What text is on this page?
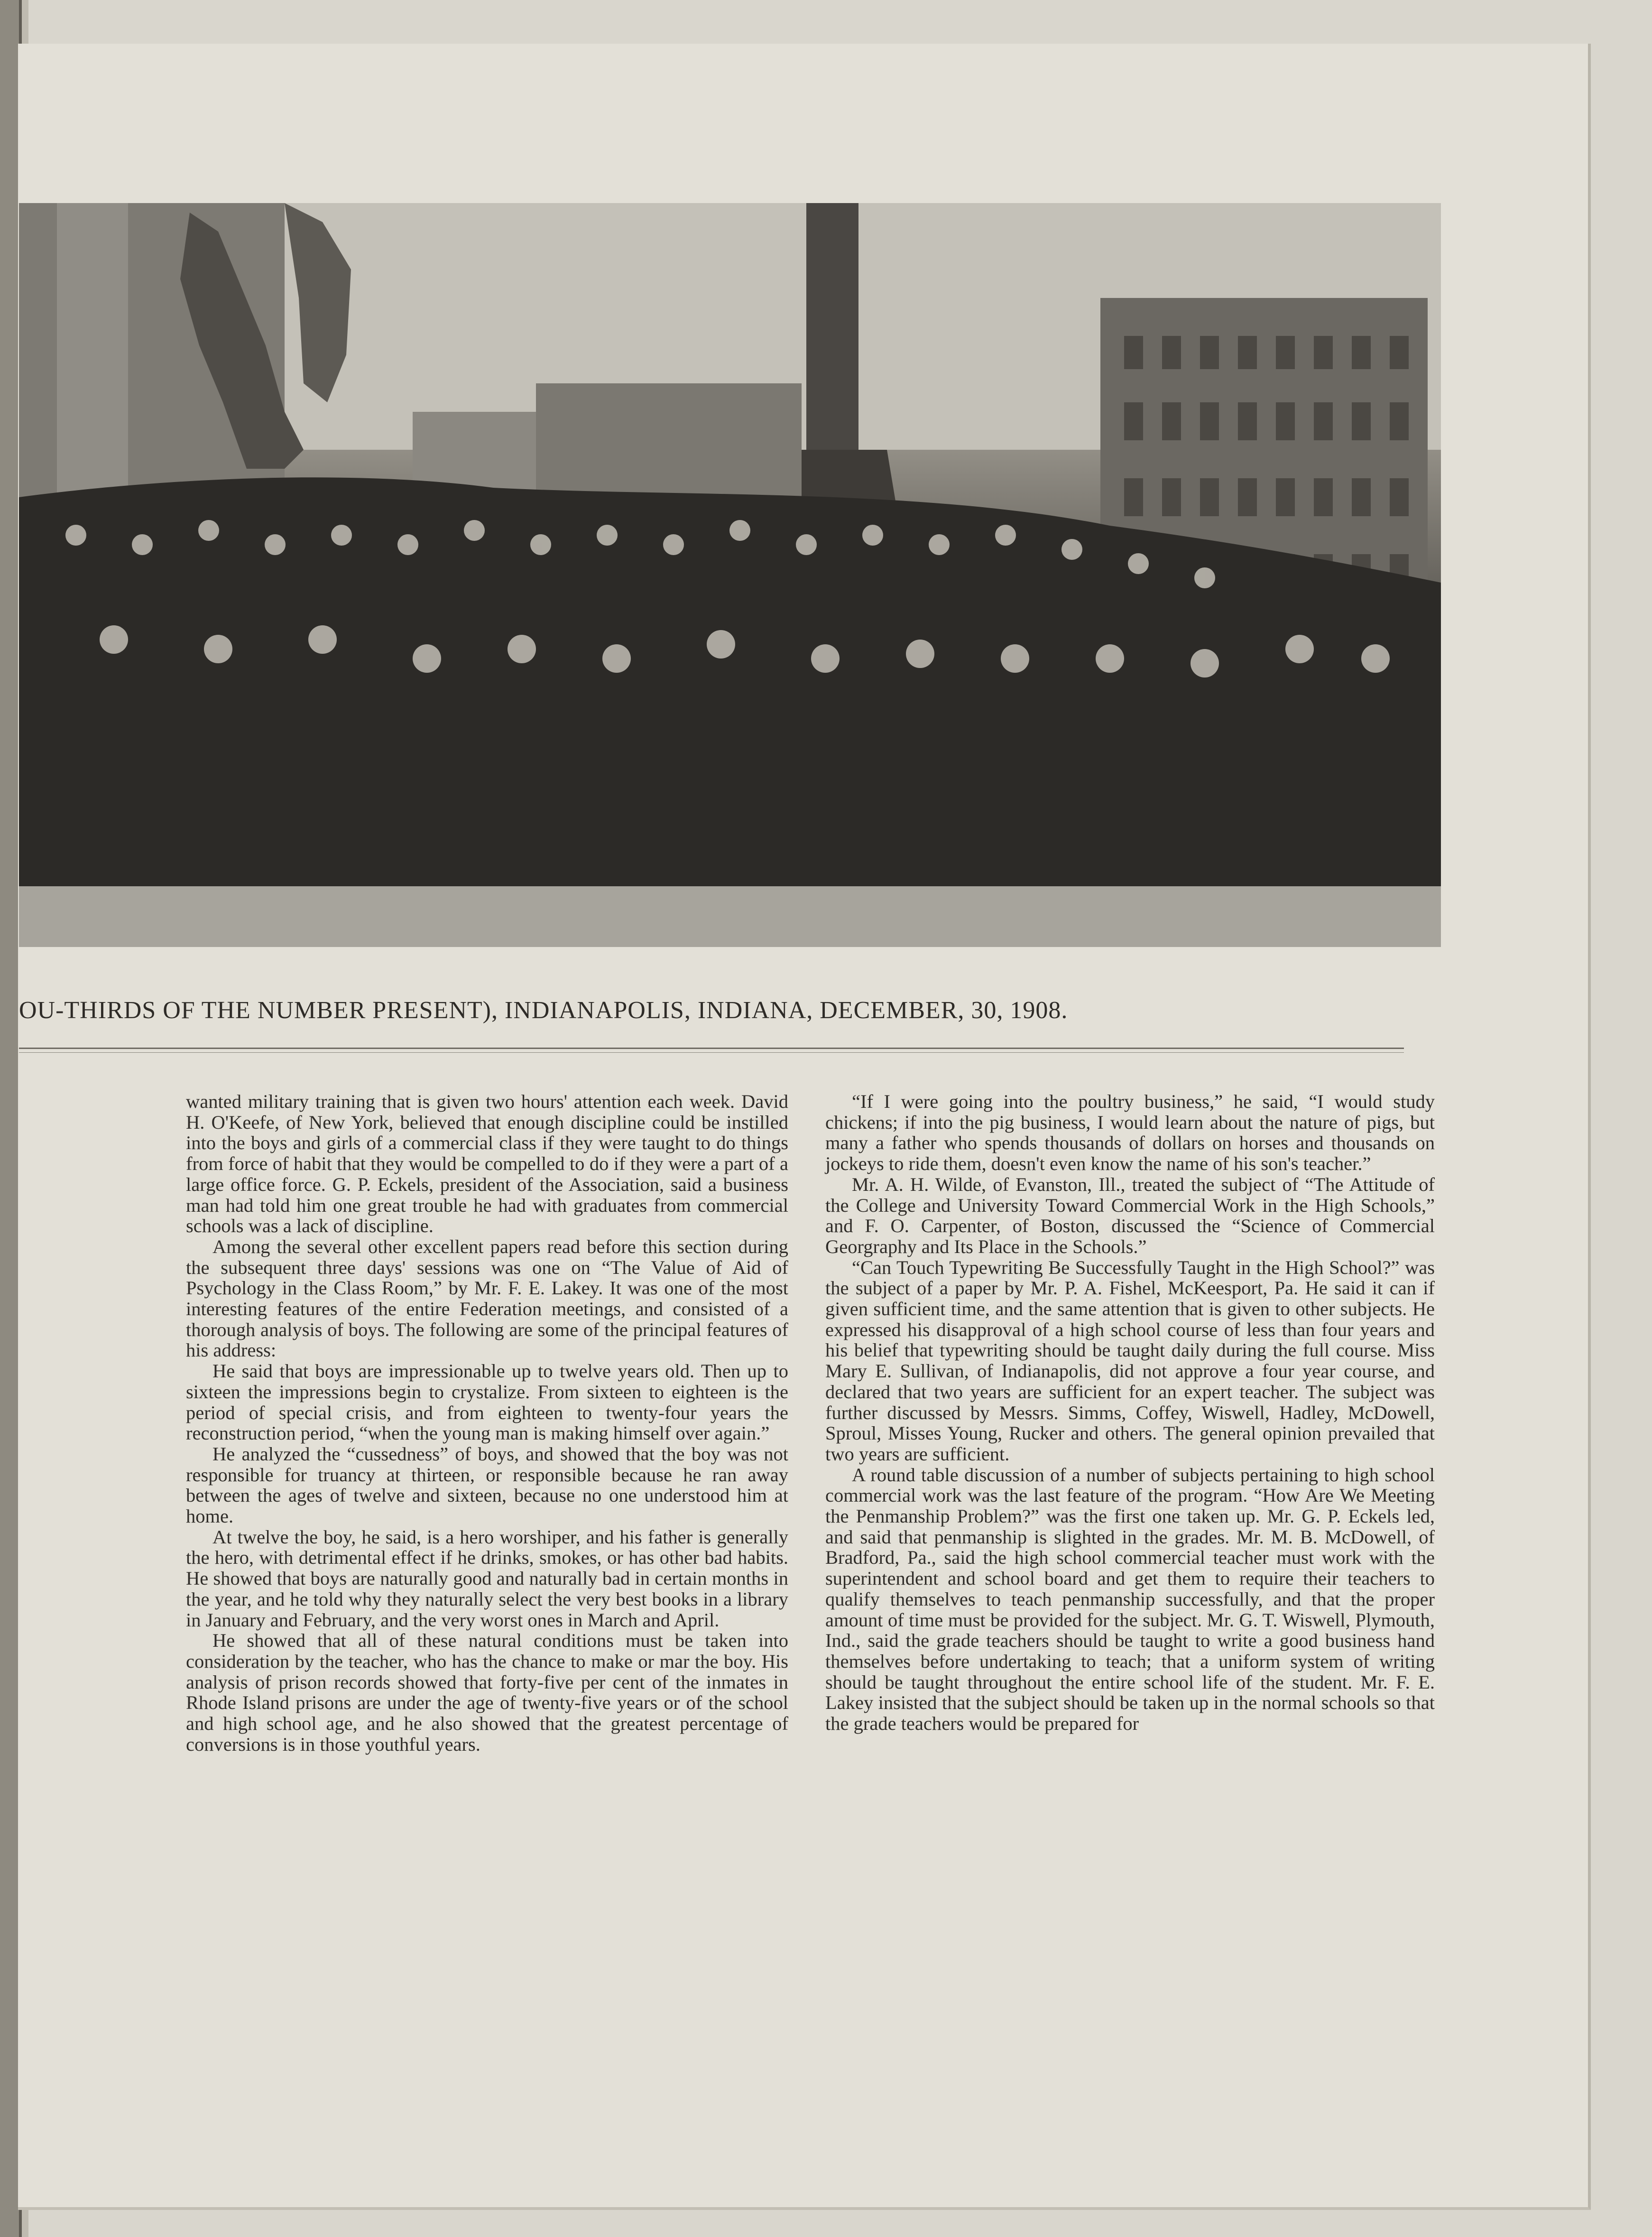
OU-THIRDS OF THE NUMBER PRESENT), INDIANAPOLIS, INDIANA, DECEMBER, 30, 1908.

wanted military training that is given two hours' attention each week. David H. O'Keefe, of New York, believed that enough discipline could be instilled into the boys and girls of a commercial class if they were taught to do things from force of habit that they would be compelled to do if they were a part of a large office force. G. P. Eckels, president of the Association, said a business man had told him one great trouble he had with graduates from commercial schools was a lack of discipline.

Among the several other excellent papers read before this section during the subsequent three days' sessions was one on “The Value of Aid of Psychology in the Class Room,” by Mr. F. E. Lakey. It was one of the most interesting features of the entire Federation meetings, and consisted of a thorough analysis of boys. The following are some of the principal features of his address:

He said that boys are impressionable up to twelve years old. Then up to sixteen the impressions begin to crystalize. From sixteen to eighteen is the period of special crisis, and from eighteen to twenty-four years the reconstruction period, “when the young man is making himself over again.”

He analyzed the “cussedness” of boys, and showed that the boy was not responsible for truancy at thirteen, or responsible because he ran away between the ages of twelve and sixteen, because no one understood him at home.

At twelve the boy, he said, is a hero worshiper, and his father is generally the hero, with detrimental effect if he drinks, smokes, or has other bad habits. He showed that boys are naturally good and naturally bad in certain months in the year, and he told why they naturally select the very best books in a library in January and February, and the very worst ones in March and April.

He showed that all of these natural conditions must be taken into consideration by the teacher, who has the chance to make or mar the boy. His analysis of prison records showed that forty-five per cent of the inmates in Rhode Island prisons are under the age of twenty-five years or of the school and high school age, and he also showed that the greatest percentage of conversions is in those youthful years.

“If I were going into the poultry business,” he said, “I would study chickens; if into the pig business, I would learn about the nature of pigs, but many a father who spends thousands of dollars on horses and thousands on jockeys to ride them, doesn't even know the name of his son's teacher.”

Mr. A. H. Wilde, of Evanston, Ill., treated the subject of “The Attitude of the College and University Toward Commercial Work in the High Schools,” and F. O. Carpenter, of Boston, discussed the “Science of Commercial Georgraphy and Its Place in the Schools.”

“Can Touch Typewriting Be Successfully Taught in the High School?” was the subject of a paper by Mr. P. A. Fishel, McKeesport, Pa. He said it can if given sufficient time, and the same attention that is given to other subjects. He expressed his disapproval of a high school course of less than four years and his belief that typewriting should be taught daily during the full course. Miss Mary E. Sullivan, of Indianapolis, did not approve a four year course, and declared that two years are sufficient for an expert teacher. The subject was further discussed by Messrs. Simms, Coffey, Wiswell, Hadley, McDowell, Sproul, Misses Young, Rucker and others. The general opinion prevailed that two years are sufficient.

A round table discussion of a number of subjects pertaining to high school commercial work was the last feature of the program. “How Are We Meeting the Penmanship Problem?” was the first one taken up. Mr. G. P. Eckels led, and said that penmanship is slighted in the grades. Mr. M. B. McDowell, of Bradford, Pa., said the high school commercial teacher must work with the superintendent and school board and get them to require their teachers to qualify themselves to teach penmanship successfully, and that the proper amount of time must be provided for the subject. Mr. G. T. Wiswell, Plymouth, Ind., said the grade teachers should be taught to write a good business hand themselves before undertaking to teach; that a uniform system of writing should be taught throughout the entire school life of the student. Mr. F. E. Lakey insisted that the subject should be taken up in the normal schools so that the grade teachers would be prepared for
